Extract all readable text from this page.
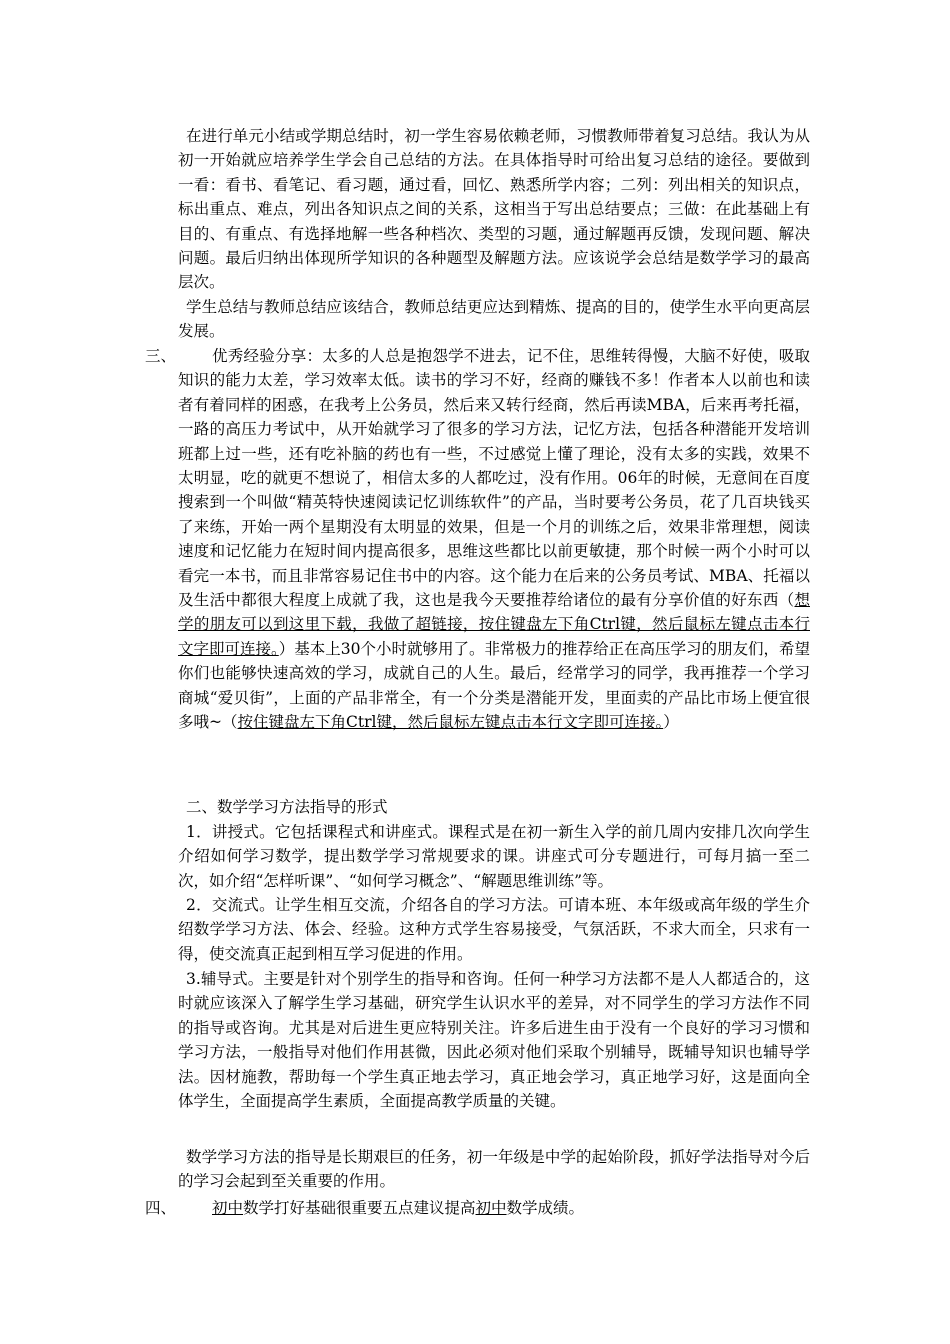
在进行单元小结或学期总结时，初一学生容易依赖老师，习惯教师带着复习总结。我认为从初一开始就应培养学生学会自己总结的方法。在具体指导时可给出复习总结的途径。要做到一看：看书、看笔记、看习题，通过看，回忆、熟悉所学内容；二列：列出相关的知识点，标出重点、难点，列出各知识点之间的关系，这相当于写出总结要点；三做：在此基础上有目的、有重点、有选择地解一些各种档次、类型的习题，通过解题再反馈，发现问题、解决问题。最后归纳出体现所学知识的各种题型及解题方法。应该说学会总结是数学学习的最高层次。

学生总结与教师总结应该结合，教师总结更应达到精炼、提高的目的，使学生水平向更高层发展。

三、	优秀经验分享：太多的人总是抱怨学不进去，记不住，思维转得慢，大脑不好使，吸取知识的能力太差，学习效率太低。读书的学习不好，经商的赚钱不多！作者本人以前也和读者有着同样的困惑，在我考上公务员，然后来又转行经商，然后再读MBA，后来再考托福，一路的高压力考试中，从开始就学习了很多的学习方法，记忆方法，包括各种潜能开发培训班都上过一些，还有吃补脑的药也有一些，不过感觉上懂了理论，没有太多的实践，效果不太明显，吃的就更不想说了，相信太多的人都吃过，没有作用。06年的时候，无意间在百度搜索到一个叫做“精英特快速阅读记忆训练软件”的产品，当时要考公务员，花了几百块钱买了来练，开始一两个星期没有太明显的效果，但是一个月的训练之后，效果非常理想，阅读速度和记忆能力在短时间内提高很多，思维这些都比以前更敏捷，那个时候一两个小时可以看完一本书，而且非常容易记住书中的内容。这个能力在后来的公务员考试、MBA、托福以及生活中都很大程度上成就了我，这也是我今天要推荐给诸位的最有分享价值的好东西（想学的朋友可以到这里下载，我做了超链接，按住键盘左下角Ctrl键，然后鼠标左键点击本行文字即可连接。）基本上30个小时就够用了。非常极力的推荐给正在高压学习的朋友们，希望你们也能够快速高效的学习，成就自己的人生。最后，经常学习的同学，我再推荐一个学习商城“爱贝街”，上面的产品非常全，有一个分类是潜能开发，里面卖的产品比市场上便宜很多哦~（按住键盘左下角Ctrl键，然后鼠标左键点击本行文字即可连接。）

二、数学学习方法指导的形式

1．讲授式。它包括课程式和讲座式。课程式是在初一新生入学的前几周内安排几次向学生介绍如何学习数学，提出数学学习常规要求的课。讲座式可分专题进行，可每月搞一至二次，如介绍“怎样听课”、“如何学习概念”、“解题思维训练”等。

2．交流式。让学生相互交流，介绍各自的学习方法。可请本班、本年级或高年级的学生介绍数学学习方法、体会、经验。这种方式学生容易接受，气氛活跃，不求大而全，只求有一得，使交流真正起到相互学习促进的作用。

3.辅导式。主要是针对个别学生的指导和咨询。任何一种学习方法都不是人人都适合的，这时就应该深入了解学生学习基础，研究学生认识水平的差异，对不同学生的学习方法作不同的指导或咨询。尤其是对后进生更应特别关注。许多后进生由于没有一个良好的学习习惯和学习方法，一般指导对他们作用甚微，因此必须对他们采取个别辅导，既辅导知识也辅导学法。因材施教，帮助每一个学生真正地去学习，真正地会学习，真正地学习好，这是面向全体学生，全面提高学生素质，全面提高教学质量的关键。

数学学习方法的指导是长期艰巨的任务，初一年级是中学的起始阶段，抓好学法指导对今后的学习会起到至关重要的作用。

四、	初中数学打好基础很重要五点建议提高初中数学成绩。
